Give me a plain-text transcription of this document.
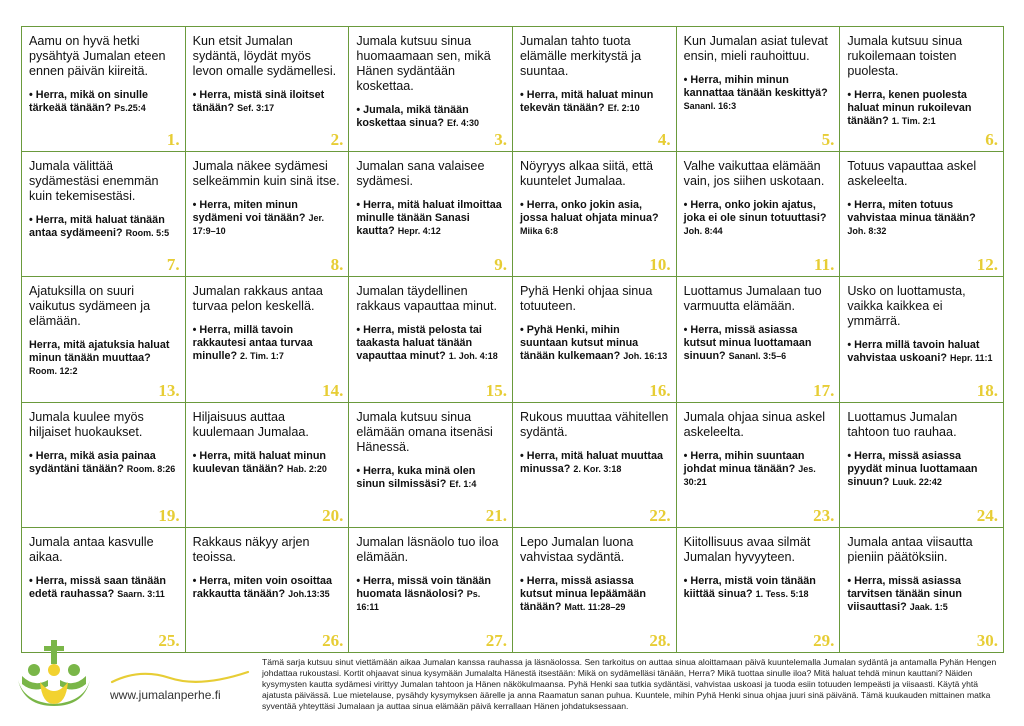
Aamu on hyvä hetki pysähtyä Jumalan eteen ennen päivän kiireitä.

• Herra, mikä on sinulle tärkeää tänään? Ps.25:4

1.

Kun etsit Jumalan sydäntä, löydät myös levon omalle sydämellesi.

• Herra, mistä sinä iloitset tänään? Sef. 3:17

2.

Jumala kutsuu sinua huomaamaan sen, mikä Hänen sydäntään koskettaa.

• Jumala, mikä tänään koskettaa sinua? Ef. 4:30

3.

Jumalan tahto tuota elämälle merkitystä ja suuntaa.

• Herra, mitä haluat minun tekevän tänään? Ef. 2:10

4.

Kun Jumalan asiat tulevat ensin, mieli rauhoittuu.

• Herra, mihin minun kannattaa tänään keskittyä? Sananl. 16:3

5.

Jumala kutsuu sinua rukoilemaan toisten puolesta.

• Herra, kenen puolesta haluat minun rukoilevan tänään? 1. Tim. 2:1

6.

Jumala välittää sydämestäsi enemmän kuin tekemisestäsi.

• Herra, mitä haluat tänään antaa sydämeeni? Room. 5:5

7.

Jumala näkee sydämesi selkeämmin kuin sinä itse.

• Herra, miten minun sydämeni voi tänään? Jer. 17:9–10

8.

Jumalan sana valaisee sydämesi.

• Herra, mitä haluat ilmoittaa minulle tänään Sanasi kautta? Hepr. 4:12

9.

Nöyryys alkaa siitä, että kuuntelet Jumalaa.

• Herra, onko jokin asia, jossa haluat ohjata minua? Miika 6:8

10.

Valhe vaikuttaa elämään vain, jos siihen uskotaan.

• Herra, onko jokin ajatus, joka ei ole sinun totuuttasi? Joh. 8:44

11.

Totuus vapauttaa askel askeleelta.

• Herra, miten totuus vahvistaa minua tänään? Joh. 8:32

12.

Ajatuksilla on suuri vaikutus sydämeen ja elämään.

Herra, mitä ajatuksia haluat minun tänään muuttaa? Room. 12:2

13.

Jumalan rakkaus antaa turvaa pelon keskellä.

• Herra, millä tavoin rakkautesi antaa turvaa minulle? 2. Tim. 1:7

14.

Jumalan täydellinen rakkaus vapauttaa minut.

• Herra, mistä pelosta tai taakasta haluat tänään vapauttaa minut? 1. Joh. 4:18

15.

Pyhä Henki ohjaa sinua totuuteen.

• Pyhä Henki, mihin suuntaan kutsut minua tänään kulkemaan? Joh. 16:13

16.

Luottamus Jumalaan tuo varmuutta elämään.

• Herra, missä asiassa kutsut minua luottamaan sinuun? Sananl. 3:5–6

17.

Usko on luottamusta, vaikka kaikkea ei ymmärrä.

• Herra millä tavoin haluat vahvistaa uskoani? Hepr. 11:1

18.

Jumala kuulee myös hiljaiset huokaukset.

• Herra, mikä asia painaa sydäntäni tänään? Room. 8:26

19.

Hiljaisuus auttaa kuulemaan Jumalaa.

• Herra, mitä haluat minun kuulevan tänään? Hab. 2:20

20.

Jumala kutsuu sinua elämään omana itsenäsi Hänessä.

• Herra, kuka minä olen sinun silmissäsi? Ef. 1:4

21.

Rukous muuttaa vähitellen sydäntä.

• Herra, mitä haluat muuttaa minussa? 2. Kor. 3:18

22.

Jumala ohjaa sinua askel askeleelta.

• Herra, mihin suuntaan johdat minua tänään? Jes. 30:21

23.

Luottamus Jumalan tahtoon tuo rauhaa.

• Herra, missä asiassa pyydät minua luottamaan sinuun? Luuk. 22:42

24.

Jumala antaa kasvulle aikaa.

• Herra, missä saan tänään edetä rauhassa? Saarn. 3:11

25.

Rakkaus näkyy arjen teoissa.

• Herra, miten voin osoittaa rakkautta tänään? Joh.13:35

26.

Jumalan läsnäolo tuo iloa elämään.

• Herra, missä voin tänään huomata läsnäolosi? Ps. 16:11

27.

Lepo Jumalan luona vahvistaa sydäntä.

• Herra, missä asiassa kutsut minua lepäämään tänään? Matt. 11:28–29

28.

Kiitollisuus avaa silmät Jumalan hyvyyteen.

• Herra, mistä voin tänään kiittää sinua? 1. Tess. 5:18

29.

Jumala antaa viisautta pieniin päätöksiin.

• Herra, missä asiassa tarvitsen tänään sinun viisauttasi? Jaak. 1:5

30.
www.jumalanperhe.fi

Tämä sarja kutsuu sinut viettämään aikaa Jumalan kanssa rauhassa ja läsnäolossa. Sen tarkoitus on auttaa sinua aloittamaan päivä kuuntelemalla Jumalan sydäntä ja antamalla Pyhän Hengen johdattaa rukoustasi. Kortit ohjaavat sinua kysymään Jumalalta Hänestä itsestään: Mikä on sydämelläsi tänään, Herra? Mikä tuottaa sinulle iloa? Mitä haluat tehdä minun kauttani? Näiden kysymysten kautta sydämesi virittyy Jumalan tahtoon ja Hänen näkökulmaansa. Pyhä Henki saa tutkia sydäntäsi, vahvistaa uskoasi ja tuoda esiin totuuden lempeästi ja viisaasti. Käytä yhtä ajatusta päivässä. Lue mietelause, pysähdy kysymyksen äärelle ja anna Raamatun sanan puhua. Kuuntele, mihin Pyhä Henki sinua ohjaa juuri sinä päivänä. Tämä kuukauden mittainen matka syventää yhteyttäsi Jumalaan ja auttaa sinua elämään päivä kerrallaan Hänen johdatuksessaan.
